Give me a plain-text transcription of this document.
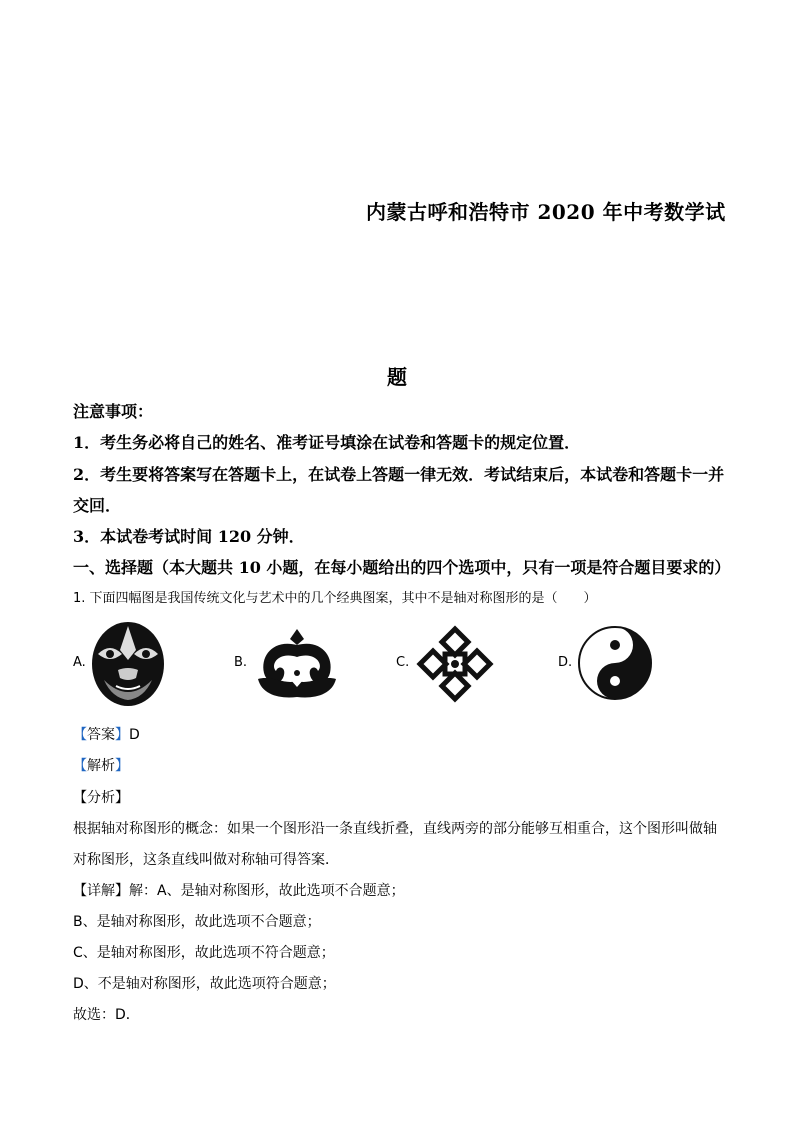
内蒙古呼和浩特市 2020 年中考数学试
题
注意事项：
1．考生务必将自己的姓名、准考证号填涂在试卷和答题卡的规定位置．
2．考生要将答案写在答题卡上，在试卷上答题一律无效．考试结束后，本试卷和答题卡一并
交回．
3．本试卷考试时间 120 分钟．
一、选择题（本大题共 10 小题，在每小题给出的四个选项中，只有一项是符合题目要求的）
1. 下面四幅图是我国传统文化与艺术中的几个经典图案，其中不是轴对称图形的是（　　）
A.	B.	C.	D.
【答案】D
【解析】
【分析】
根据轴对称图形的概念：如果一个图形沿一条直线折叠，直线两旁的部分能够互相重合，这个图形叫做轴
对称图形，这条直线叫做对称轴可得答案．
【详解】解：A、是轴对称图形，故此选项不合题意；
B、是轴对称图形，故此选项不合题意；
C、是轴对称图形，故此选项不符合题意；
D、不是轴对称图形，故此选项符合题意；
故选：D．
